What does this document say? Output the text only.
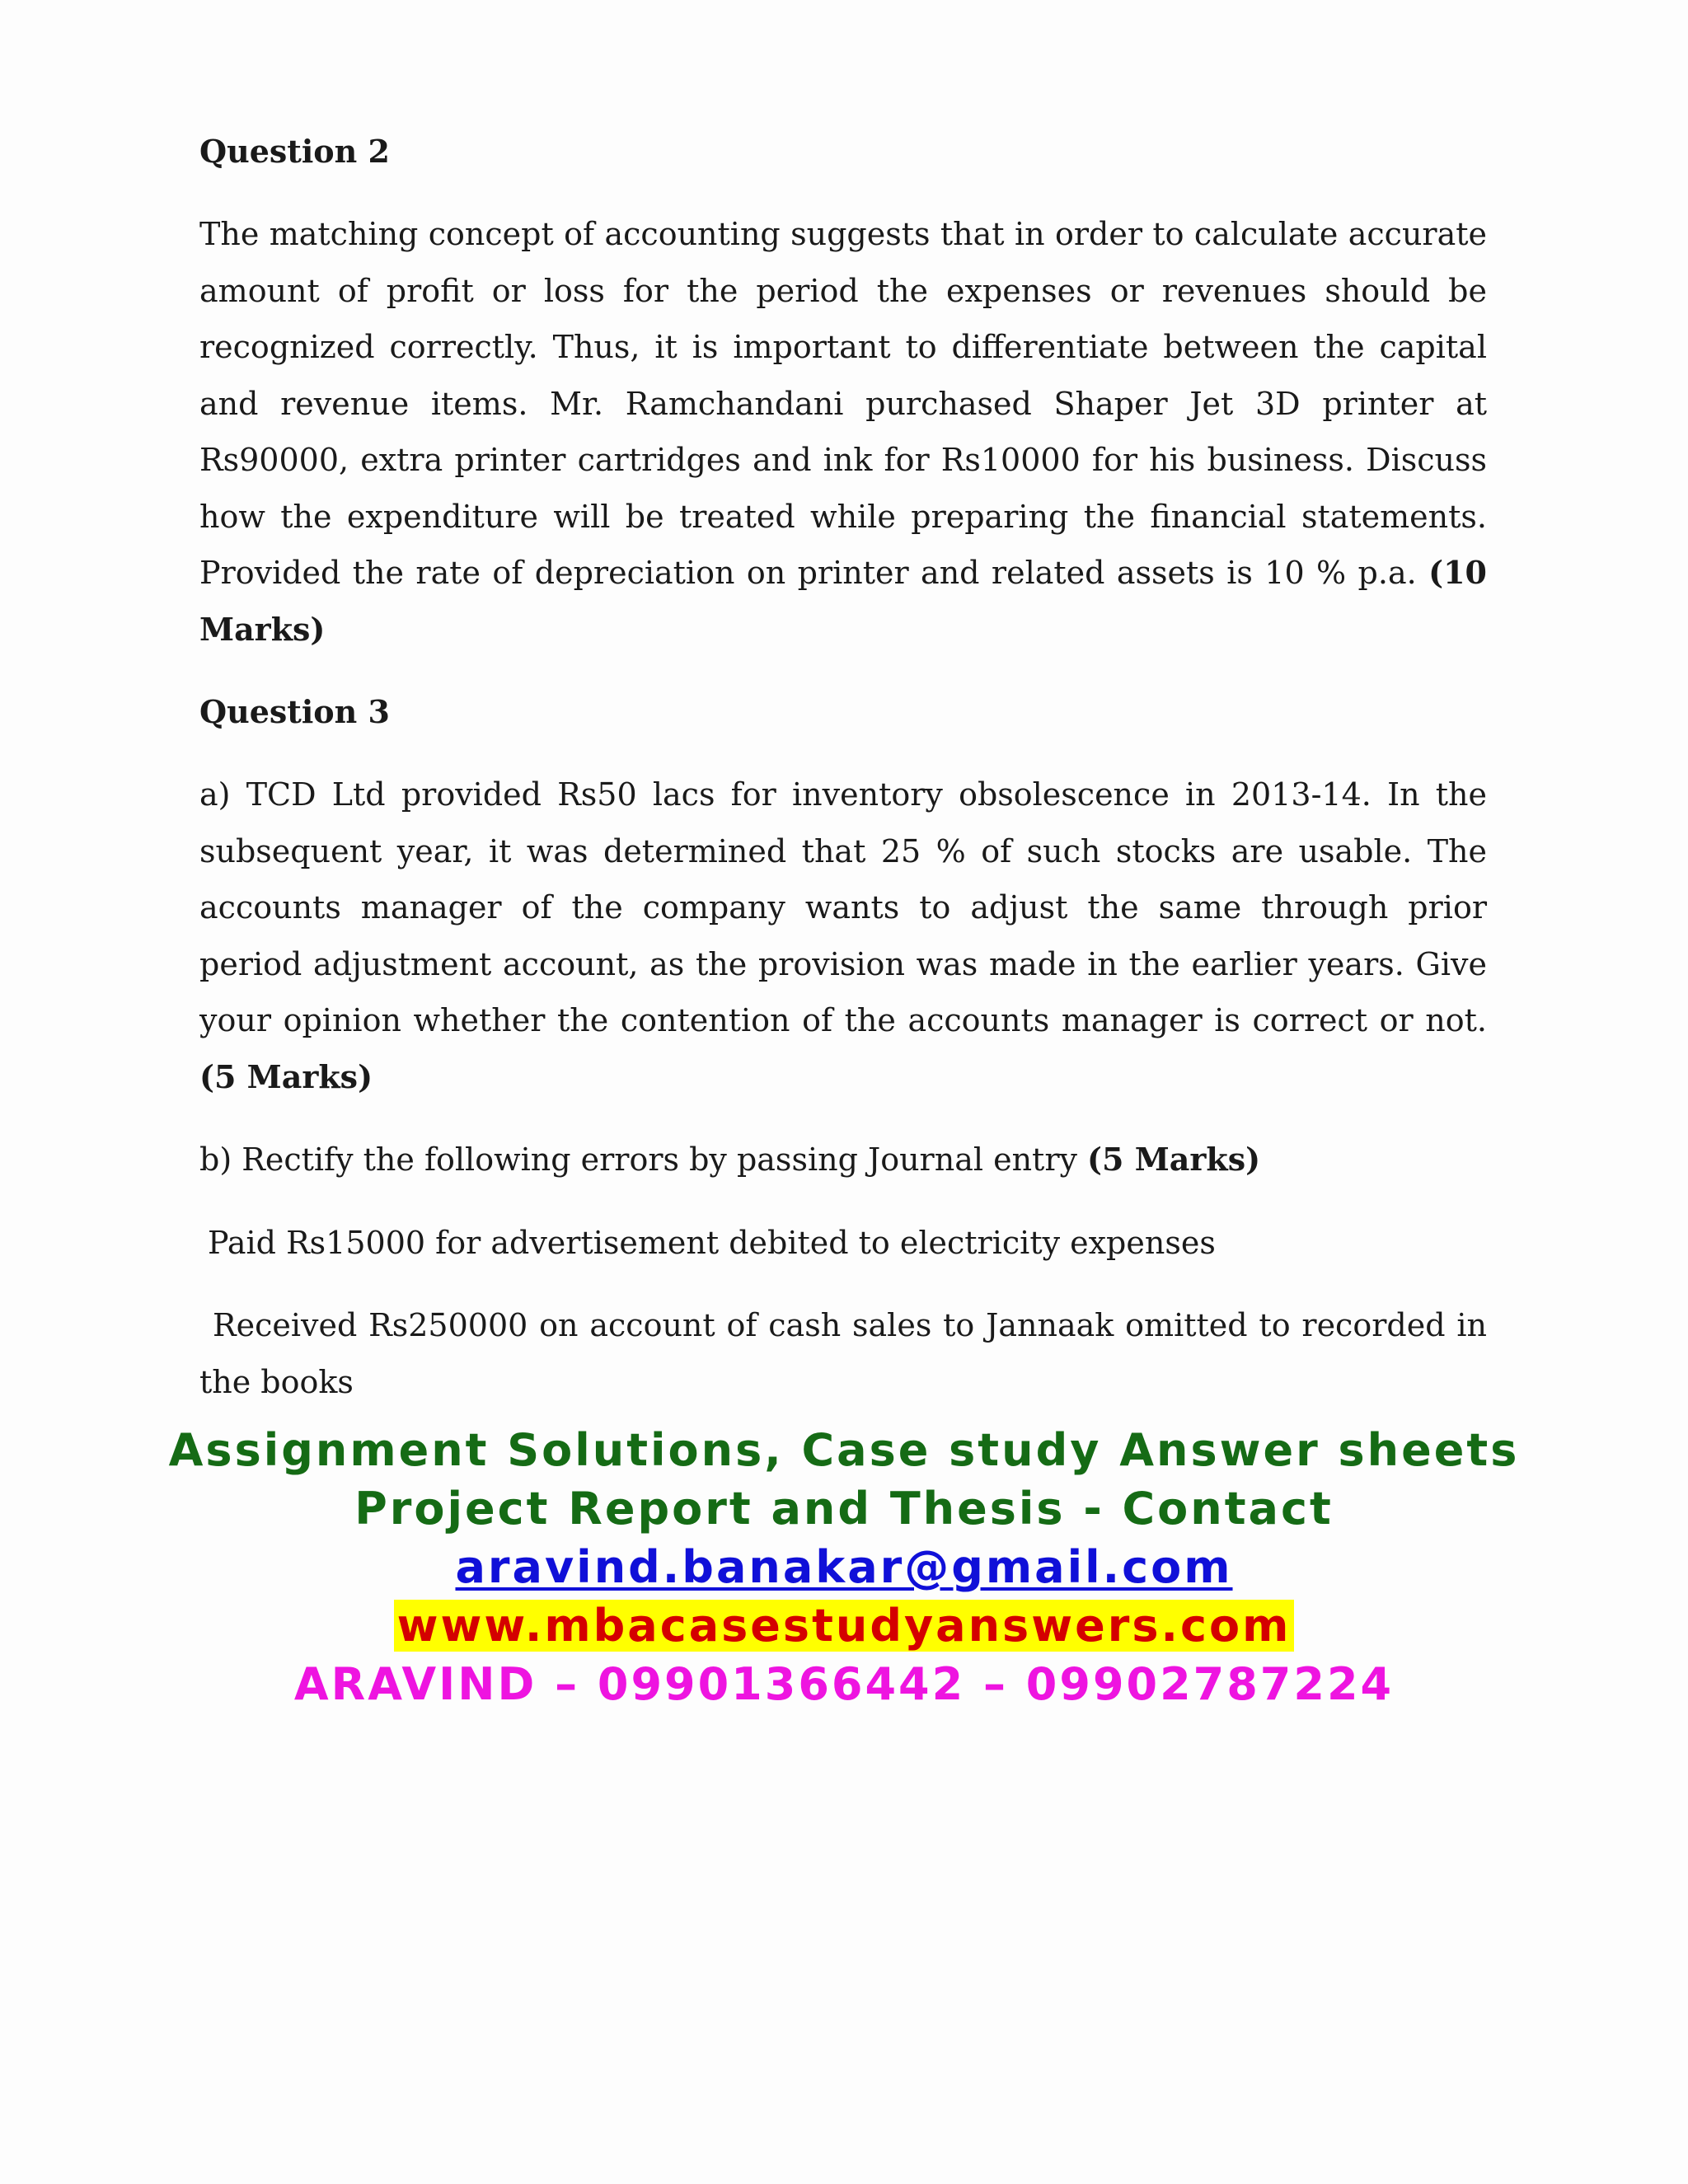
Question 2

The matching concept of accounting suggests that in order to calculate accurate amount of profit or loss for the period the expenses or revenues should be recognized correctly. Thus, it is important to differentiate between the capital and revenue items. Mr. Ramchandani purchased Shaper Jet 3D printer at Rs90000, extra printer cartridges and ink for Rs10000 for his business. Discuss how the expenditure will be treated while preparing the financial statements. Provided the rate of depreciation on printer and related assets is 10 % p.a. (10 Marks)

Question 3

a) TCD Ltd provided Rs50 lacs for inventory obsolescence in 2013-14. In the subsequent year, it was determined that 25 % of such stocks are usable. The accounts manager of the company wants to adjust the same through prior period adjustment account, as the provision was made in the earlier years. Give your opinion whether the contention of the accounts manager is correct or not. (5 Marks)

b) Rectify the following errors by passing Journal entry (5 Marks)

Paid Rs15000 for advertisement debited to electricity expenses

Received Rs250000 on account of cash sales to Jannaak omitted to recorded in the books

Assignment Solutions, Case study Answer sheets
Project Report and Thesis - Contact
aravind.banakar@gmail.com
www.mbacasestudyanswers.com
ARAVIND – 09901366442 – 09902787224
